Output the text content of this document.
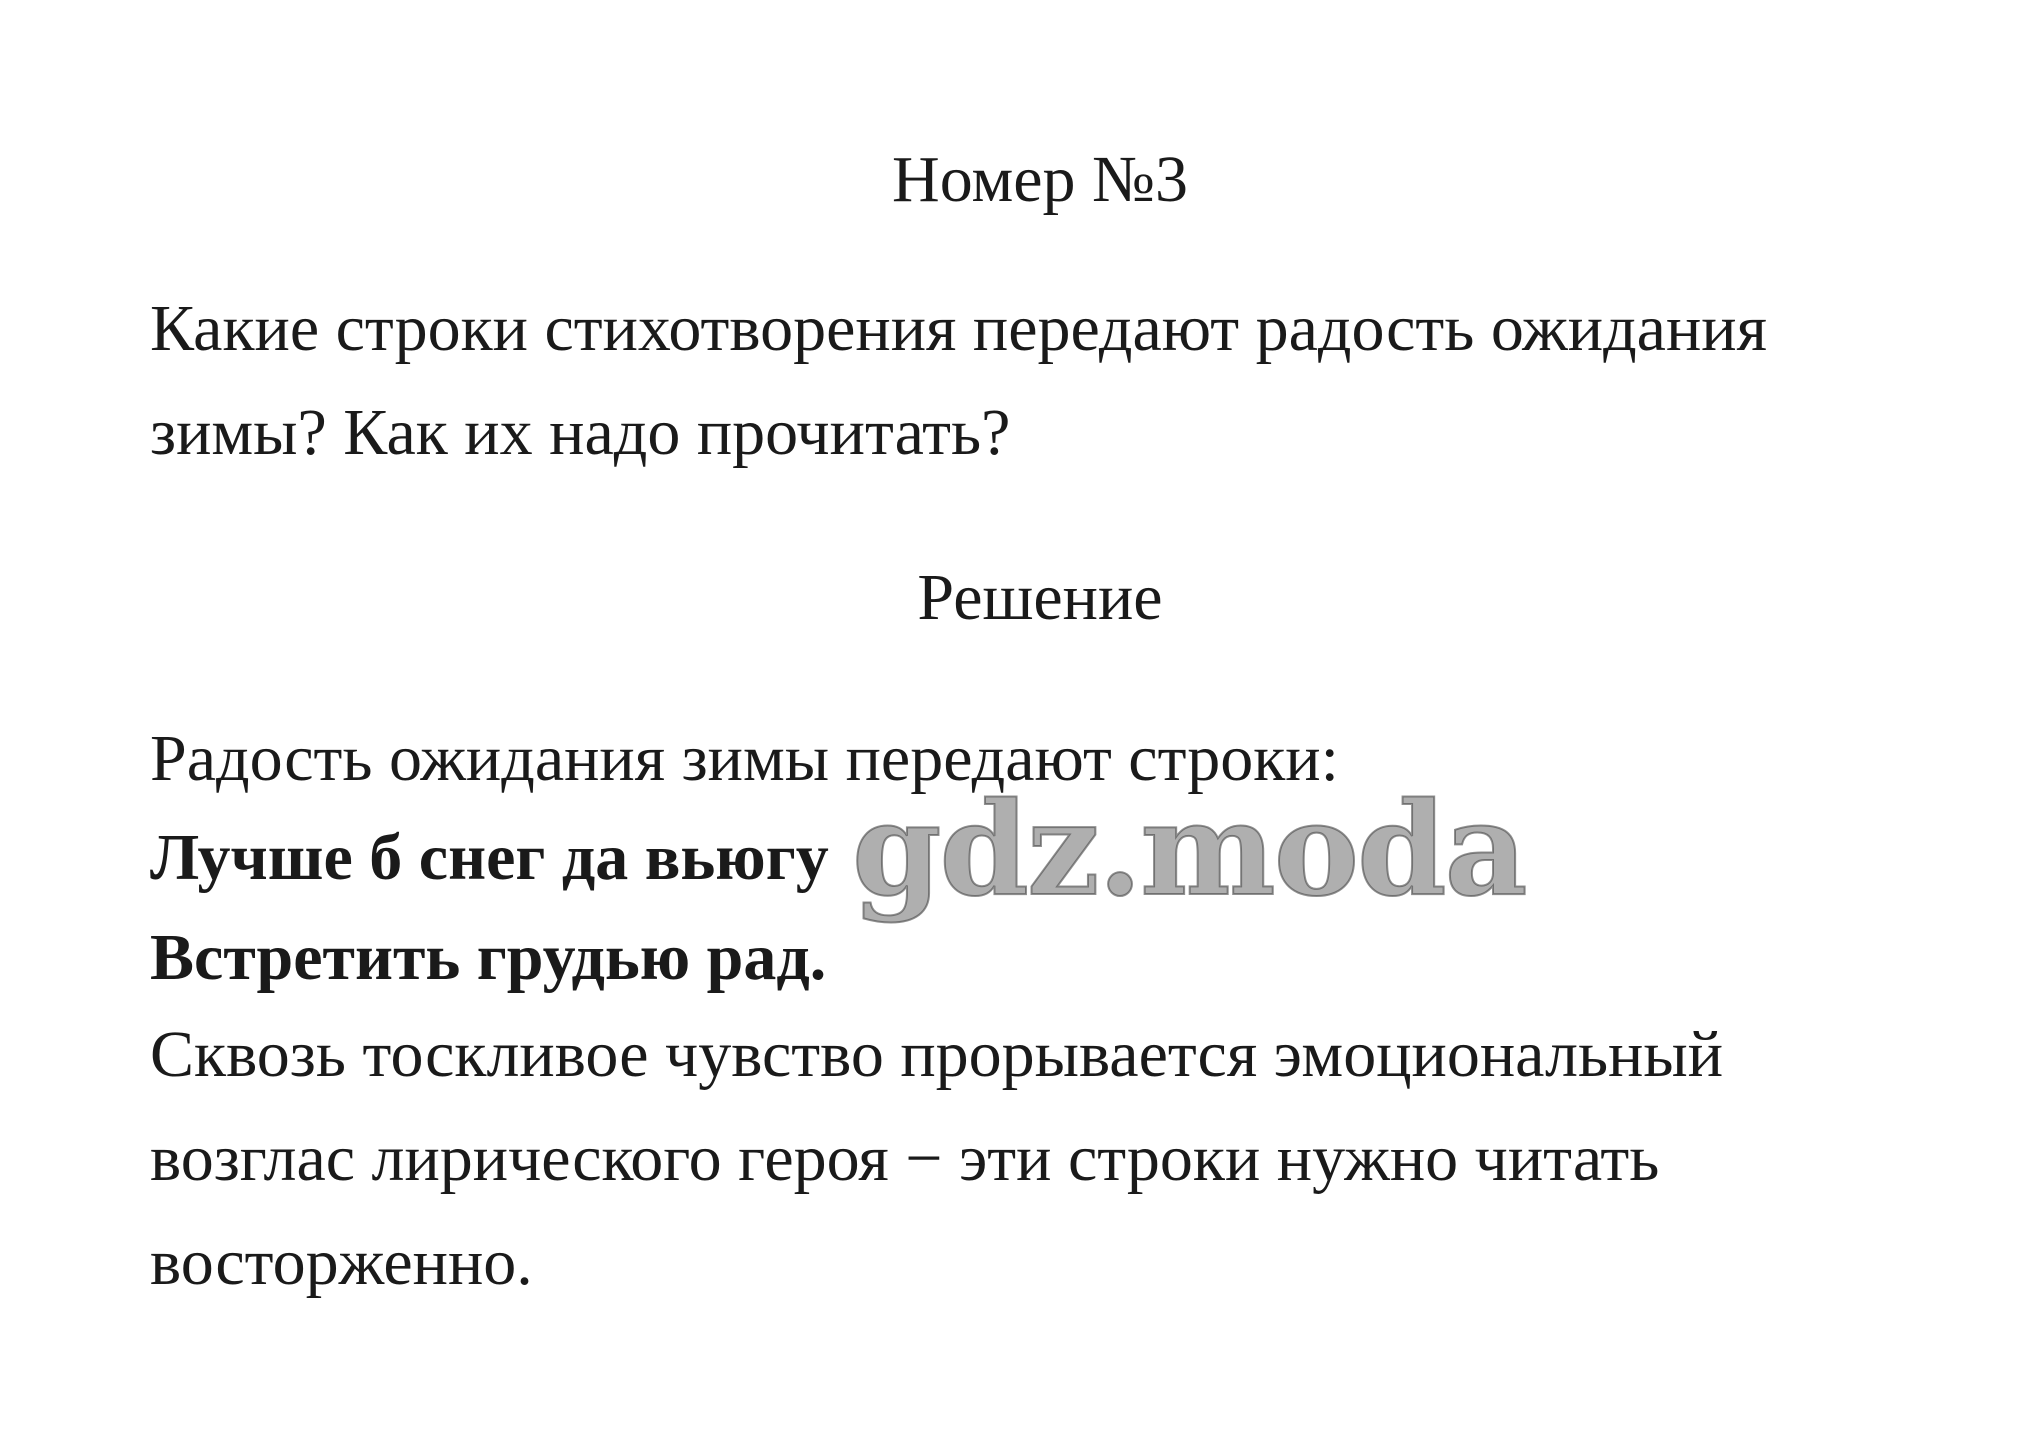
Номер №3
Какие строки стихотворения передают радость ожидания
зимы? Как их надо прочитать?
Решение
Радость ожидания зимы передают строки:
Лучше б снег да вьюгу
Встретить грудью рад.
Сквозь тоскливое чувство прорывается эмоциональный
возглас лирического героя − эти строки нужно читать
восторженно.
gdz.moda
